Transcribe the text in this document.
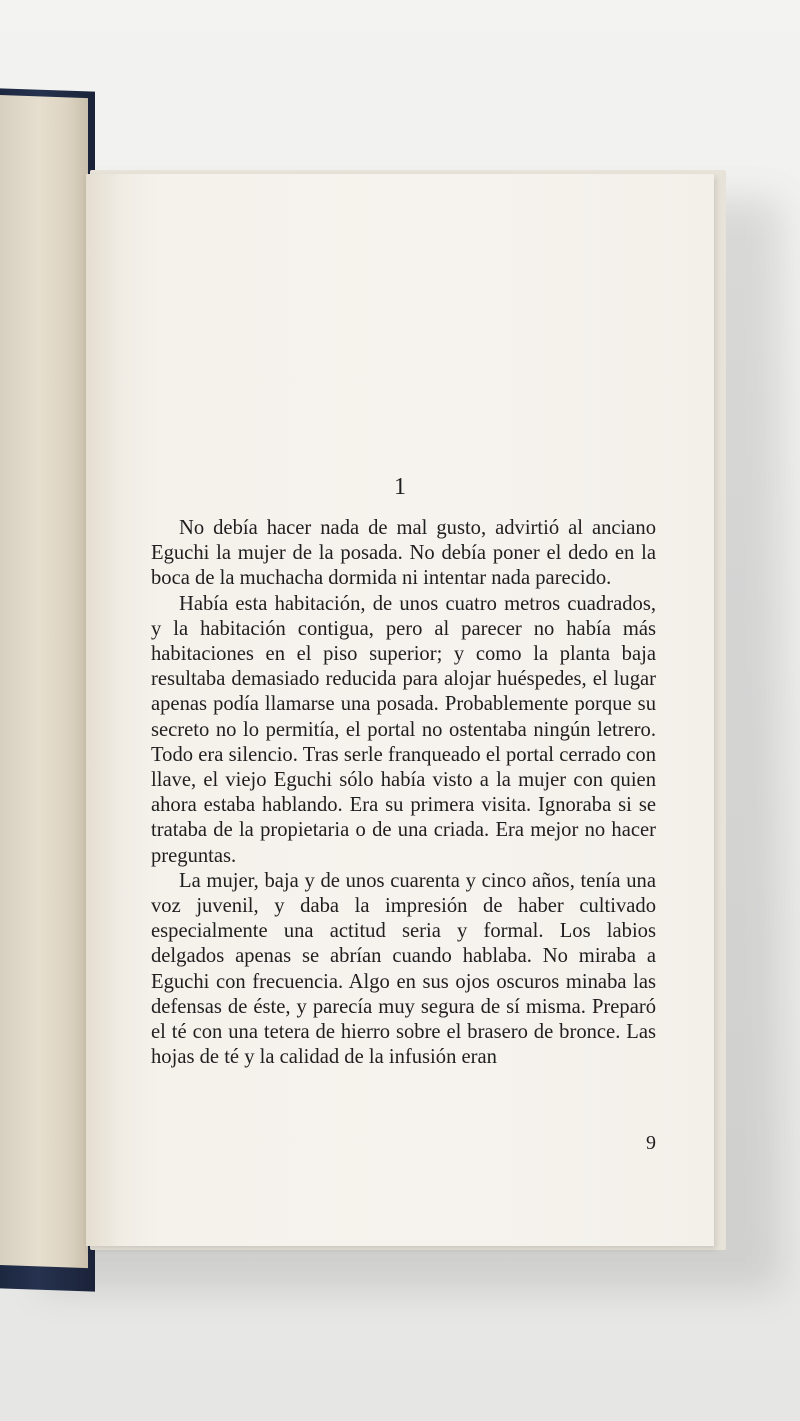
1

No debía hacer nada de mal gusto, advirtió al anciano Eguchi la mujer de la posada. No debía poner el dedo en la boca de la muchacha dormida ni intentar nada parecido.

Había esta habitación, de unos cuatro metros cuadrados, y la habitación contigua, pero al parecer no había más habitaciones en el piso superior; y como la planta baja resultaba demasiado reducida para alojar huéspedes, el lugar apenas podía llamarse una posada. Probablemente porque su secreto no lo permitía, el portal no ostentaba ningún letrero. Todo era silencio. Tras serle franqueado el portal cerrado con llave, el viejo Eguchi sólo había visto a la mujer con quien ahora estaba hablando. Era su primera visita. Ignoraba si se trataba de la propietaria o de una criada. Era mejor no hacer preguntas.

La mujer, baja y de unos cuarenta y cinco años, tenía una voz juvenil, y daba la impresión de haber cultivado especialmente una actitud seria y formal. Los labios delgados apenas se abrían cuando hablaba. No miraba a Eguchi con frecuencia. Algo en sus ojos oscuros minaba las defensas de éste, y parecía muy segura de sí misma. Preparó el té con una tetera de hierro sobre el brasero de bronce. Las hojas de té y la calidad de la infusión eran

9
